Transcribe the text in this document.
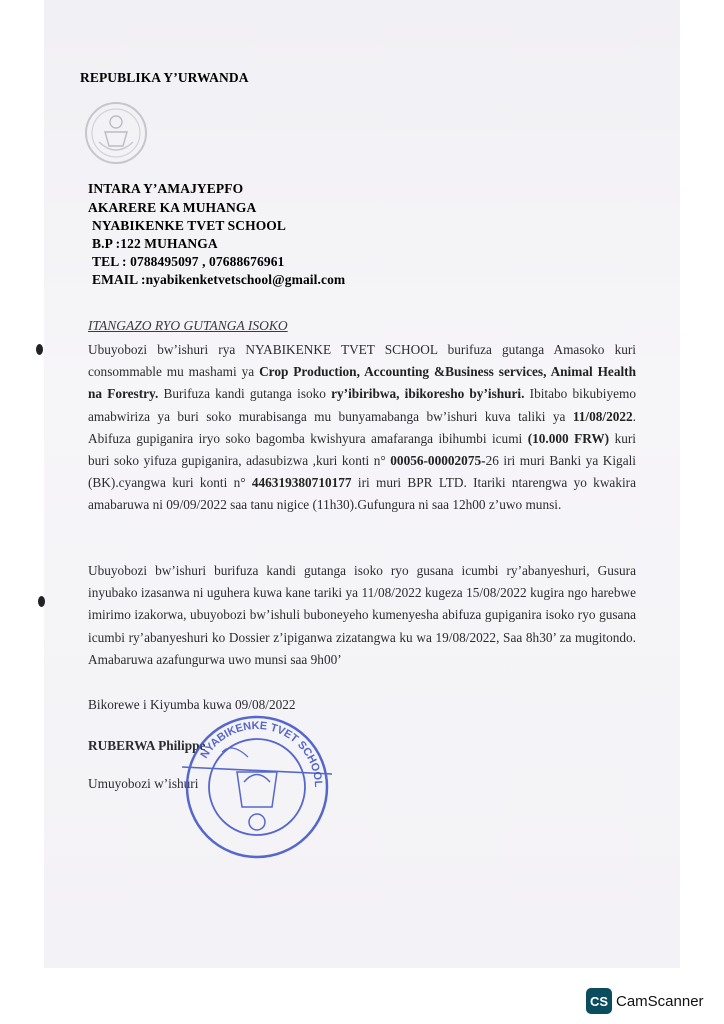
REPUBLIKA Y’URWANDA
INTARA Y’AMAJYEPFO
AKARERE KA MUHANGA
NYABIKENKE TVET SCHOOL
B.P :122 MUHANGA
TEL : 0788495097 , 07688676961
EMAIL :nyabikenketvetschool@gmail.com
ITANGAZO RYO GUTANGA ISOKO
Ubuyobozi bw’ishuri rya NYABIKENKE TVET SCHOOL burifuza gutanga Amasoko kuri consommable mu mashami ya Crop Production, Accounting &Business services, Animal Health na Forestry. Burifuza kandi gutanga isoko ry’ibiribwa, ibikoresho by’ishuri. Ibitabo bikubiyemo amabwiriza ya buri soko murabisanga mu bunyamabanga bw’ishuri kuva taliki ya 11/08/2022. Abifuza gupiganira iryo soko bagomba kwishyura amafaranga ibihumbi icumi (10.000 FRW) kuri buri soko yifuza gupiganira, adasubizwa ,kuri konti n° 00056-00002075-26 iri muri Banki ya Kigali (BK).cyangwa kuri konti n° 446319380710177 iri muri BPR LTD. Itariki ntarengwa yo kwakira amabaruwa ni 09/09/2022 saa tanu nigice (11h30).Gufungura ni saa 12h00 z’uwo munsi.
Ubuyobozi bw’ishuri burifuza kandi gutanga isoko ryo gusana icumbi ry’abanyeshuri, Gusura inyubako izasanwa ni uguhera kuwa kane tariki ya 11/08/2022 kugeza 15/08/2022 kugira ngo harebwe imirimo izakorwa, ubuyobozi bw’ishuli buboneyeho kumenyesha abifuza gupiganira isoko ryo gusana icumbi ry’abanyeshuri ko Dossier z’ipiganwa zizatangwa ku wa 19/08/2022, Saa 8h30’ za mugitondo. Amabaruwa azafungurwa uwo munsi saa 9h00’
Bikorewe i Kiyumba kuwa 09/08/2022
RUBERWA Philippe
Umuyobozi w’ishuri
NYABIKENKE TVET SCHOOL
CS CamScanner
